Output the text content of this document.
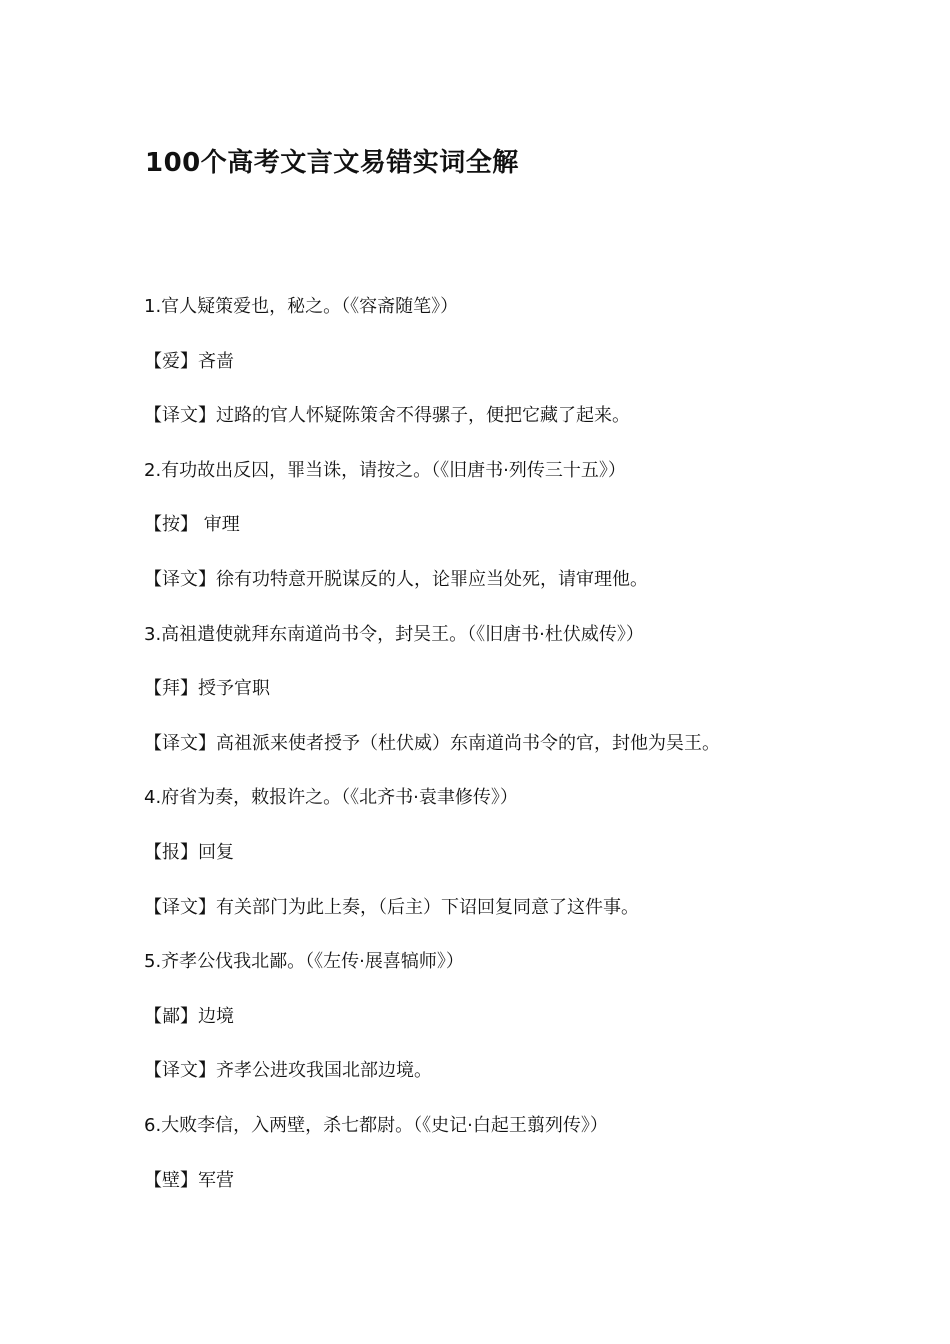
100个高考文言文易错实词全解
1.官人疑策爱也，秘之。（《容斋随笔》）
【爱】吝啬
【译文】过路的官人怀疑陈策舍不得骡子，便把它藏了起来。
2.有功故出反囚，罪当诛，请按之。（《旧唐书·列传三十五》）
【按】 审理
【译文】徐有功特意开脱谋反的人，论罪应当处死，请审理他。
3.高祖遣使就拜东南道尚书令，封吴王。（《旧唐书·杜伏威传》）
【拜】授予官职
【译文】高祖派来使者授予（杜伏威）东南道尚书令的官，封他为吴王。
4.府省为奏，敕报许之。（《北齐书·袁聿修传》）
【报】回复
【译文】有关部门为此上奏，（后主）下诏回复同意了这件事。
5.齐孝公伐我北鄙。（《左传·展喜犒师》）
【鄙】边境
【译文】齐孝公进攻我国北部边境。
6.大败李信，入两壁，杀七都尉。（《史记·白起王翦列传》）
【壁】军营
